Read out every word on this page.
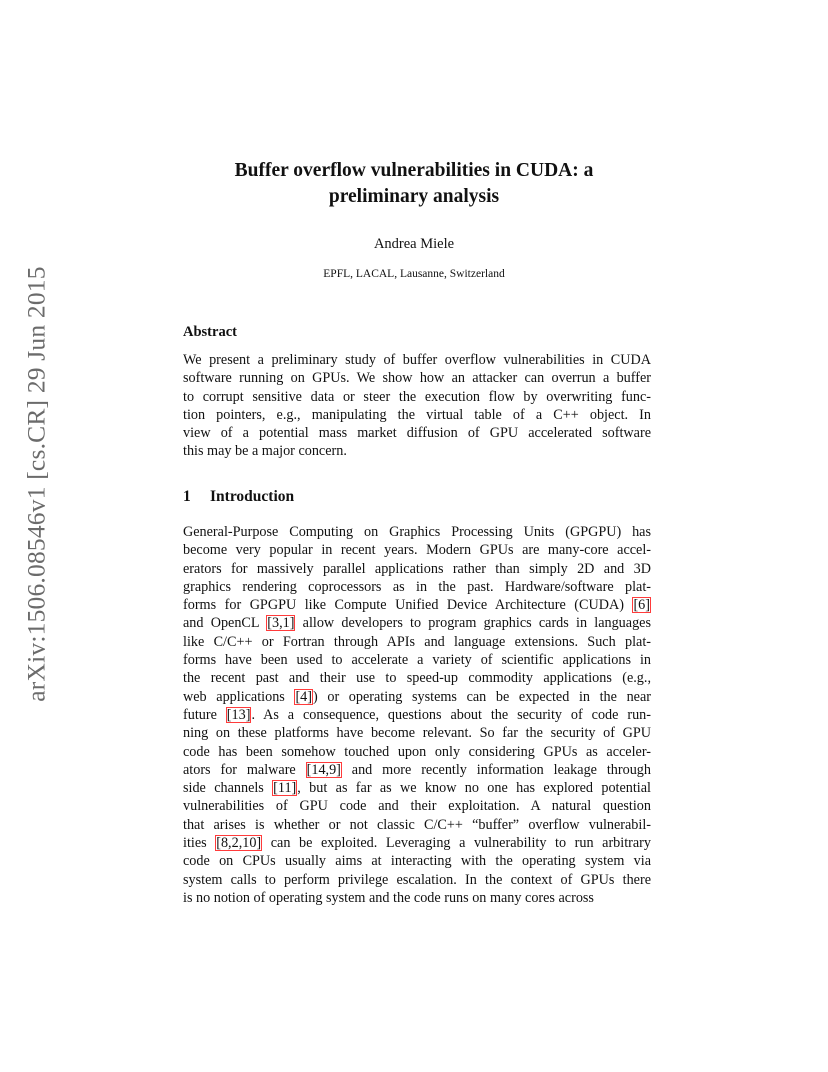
arXiv:1506.08546v1 [cs.CR] 29 Jun 2015
Buffer overflow vulnerabilities in CUDA: a
preliminary analysis
Andrea Miele
EPFL, LACAL, Lausanne, Switzerland
Abstract
We present a preliminary study of buffer overflow vulnerabilities in CUDA
software running on GPUs. We show how an attacker can overrun a buffer
to corrupt sensitive data or steer the execution flow by overwriting func-
tion pointers, e.g., manipulating the virtual table of a C++ object. In
view of a potential mass market diffusion of GPU accelerated software
this may be a major concern.
1 Introduction
General-Purpose Computing on Graphics Processing Units (GPGPU) has
become very popular in recent years. Modern GPUs are many-core accel-
erators for massively parallel applications rather than simply 2D and 3D
graphics rendering coprocessors as in the past. Hardware/software plat-
forms for GPGPU like Compute Unified Device Architecture (CUDA) [6]
and OpenCL [3,1] allow developers to program graphics cards in languages
like C/C++ or Fortran through APIs and language extensions. Such plat-
forms have been used to accelerate a variety of scientific applications in
the recent past and their use to speed-up commodity applications (e.g.,
web applications [4]) or operating systems can be expected in the near
future [13]. As a consequence, questions about the security of code run-
ning on these platforms have become relevant. So far the security of GPU
code has been somehow touched upon only considering GPUs as acceler-
ators for malware [14,9] and more recently information leakage through
side channels [11], but as far as we know no one has explored potential
vulnerabilities of GPU code and their exploitation. A natural question
that arises is whether or not classic C/C++ “buffer” overflow vulnerabil-
ities [8,2,10] can be exploited. Leveraging a vulnerability to run arbitrary
code on CPUs usually aims at interacting with the operating system via
system calls to perform privilege escalation. In the context of GPUs there
is no notion of operating system and the code runs on many cores across
